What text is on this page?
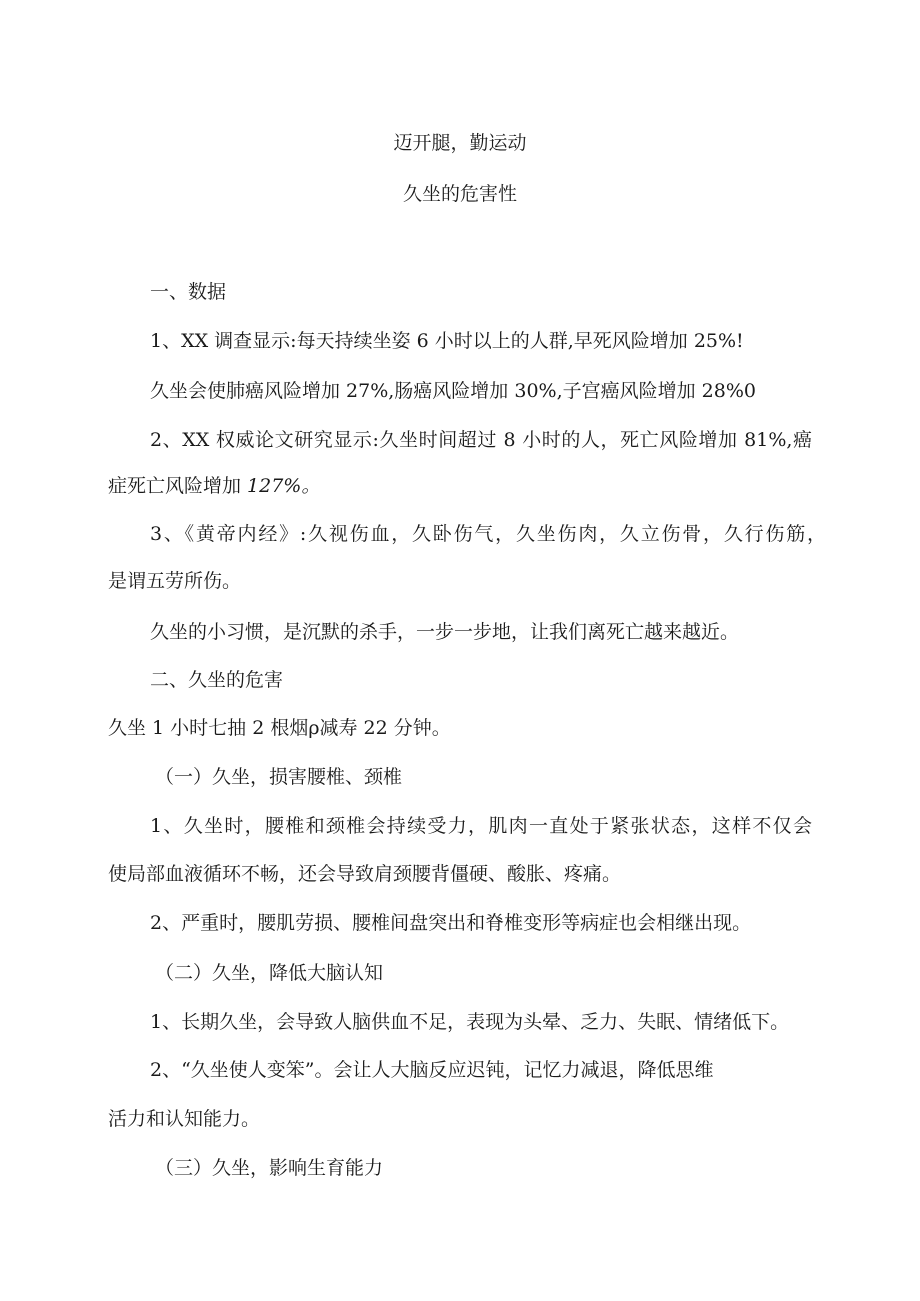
迈开腿，勤运动

久坐的危害性

一、数据

1、XX 调查显示:每天持续坐姿 6 小时以上的人群,早死风险增加 25%!

久坐会使肺癌风险增加 27%,肠癌风险增加 30%,子宫癌风险增加 28%0

2、XX 权威论文研究显示:久坐时间超过 8 小时的人，死亡风险增加 81%,癌

症死亡风险增加 127%。

3、《黄帝内经》:久视伤血，久卧伤气，久坐伤肉，久立伤骨，久行伤筋，

是谓五劳所伤。

久坐的小习惯，是沉默的杀手，一步一步地，让我们离死亡越来越近。

二、久坐的危害

久坐 1 小时七抽 2 根烟ρ减寿 22 分钟。

（一）久坐，损害腰椎、颈椎

1、久坐时，腰椎和颈椎会持续受力，肌肉一直处于紧张状态，这样不仅会

使局部血液循环不畅，还会导致肩颈腰背僵硬、酸胀、疼痛。

2、严重时，腰肌劳损、腰椎间盘突出和脊椎变形等病症也会相继出现。

（二）久坐，降低大脑认知

1、长期久坐，会导致人脑供血不足，表现为头晕、乏力、失眠、情绪低下。

2、“久坐使人变笨”。会让人大脑反应迟钝，记忆力减退，降低思维

活力和认知能力。

（三）久坐，影响生育能力
